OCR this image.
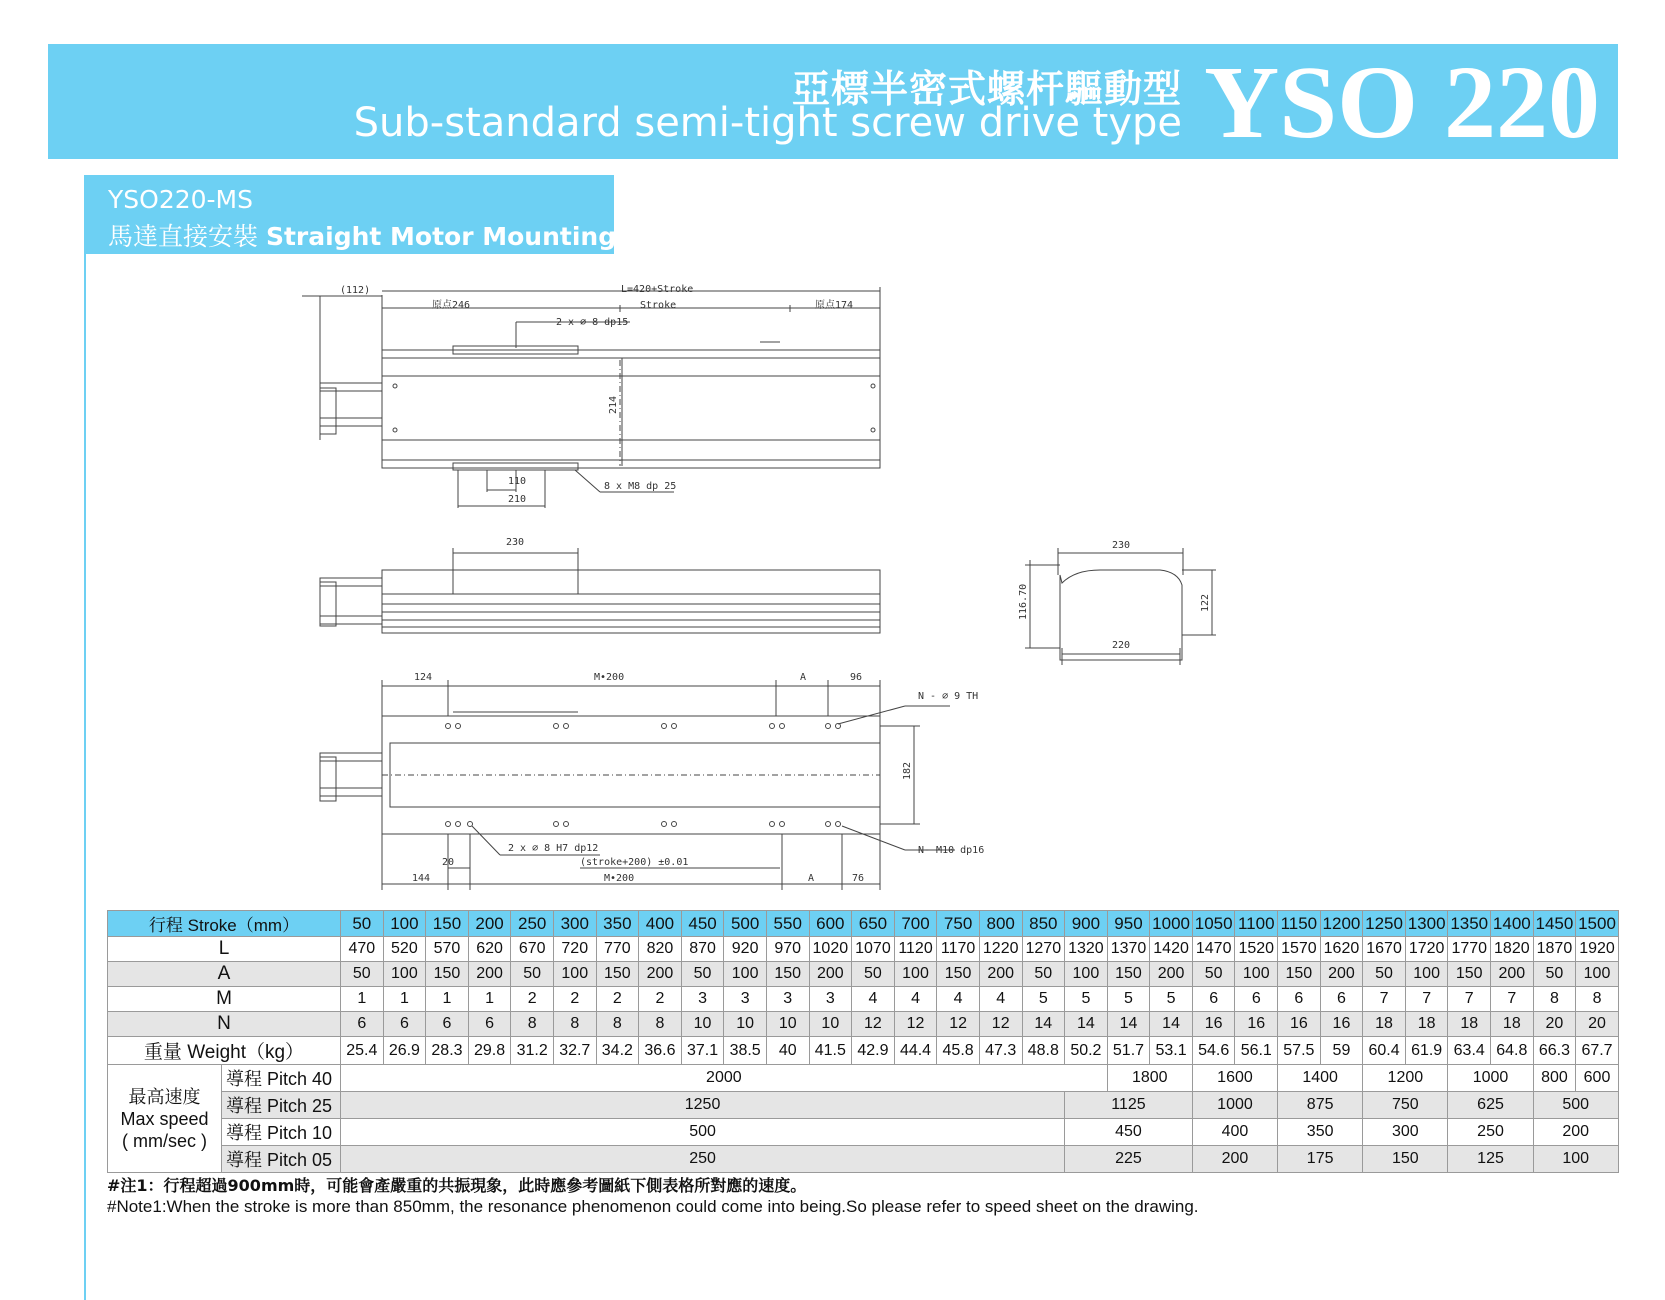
亞標半密式螺杆驅動型
Sub-standard semi-tight screw drive type YSO 220
YSO220-MS
馬達直接安裝 Straight Motor Mounting
(112)	L=420+Stroke
原点246	Stroke	原点174
2 x ∅ 8 dp15
214
110
210
8 x M8 dp 25
230	230
220
116.70	122
124	M•200	A	96
N - ∅ 9 TH
182
2 x ∅ 8 H7 dp12
(stroke+200) ±0.01
20
144	M•200	A	76
N- M10 dp16
行程 Stroke（mm）		50	100	150	200	250	300	350	400	450	500	550	600	650	700	750	800	850	900	950	1000	1050	1100	1150	1200	1250	1300	1350	1400	1450	1500
L		470	520	570	620	670	720	770	820	870	920	970	1020	1070	1120	1170	1220	1270	1320	1370	1420	1470	1520	1570	1620	1670	1720	1770	1820	1870	1920
A		50	100	150	200	50	100	150	200	50	100	150	200	50	100	150	200	50	100	150	200	50	100	150	200	50	100	150	200	50	100
M		1	1	1	1	2	2	2	2	3	3	3	3	4	4	4	4	5	5	5	5	6	6	6	6	7	7	7	7	8	8
N		6	6	6	6	8	8	8	8	10	10	10	10	12	12	12	12	14	14	14	14	16	16	16	16	18	18	18	18	20	20
重量 Weight（kg）		25.4	26.9	28.3	29.8	31.2	32.7	34.2	36.6	37.1	38.5	40	41.5	42.9	44.4	45.8	47.3	48.8	50.2	51.7	53.1	54.6	56.1	57.5	59	60.4	61.9	63.4	64.8	66.3	67.7

最高速度
Max speed
( mm/sec )	導程 Pitch 40	2000																		1800		1600		1400		1200		1000		800	600
	導程 Pitch 25	1250																	1125			1000		875		750		625		500	
	導程 Pitch 10	500																	450			400		350		300		250		200	
	導程 Pitch 05	250																	225			200		175		150		125		100	
#注1：行程超過900mm時，可能會產嚴重的共振現象，此時應參考圖紙下側表格所對應的速度。
#Note1:When the stroke is more than 850mm, the resonance phenomenon could come into being.So please refer to speed sheet on the drawing.
